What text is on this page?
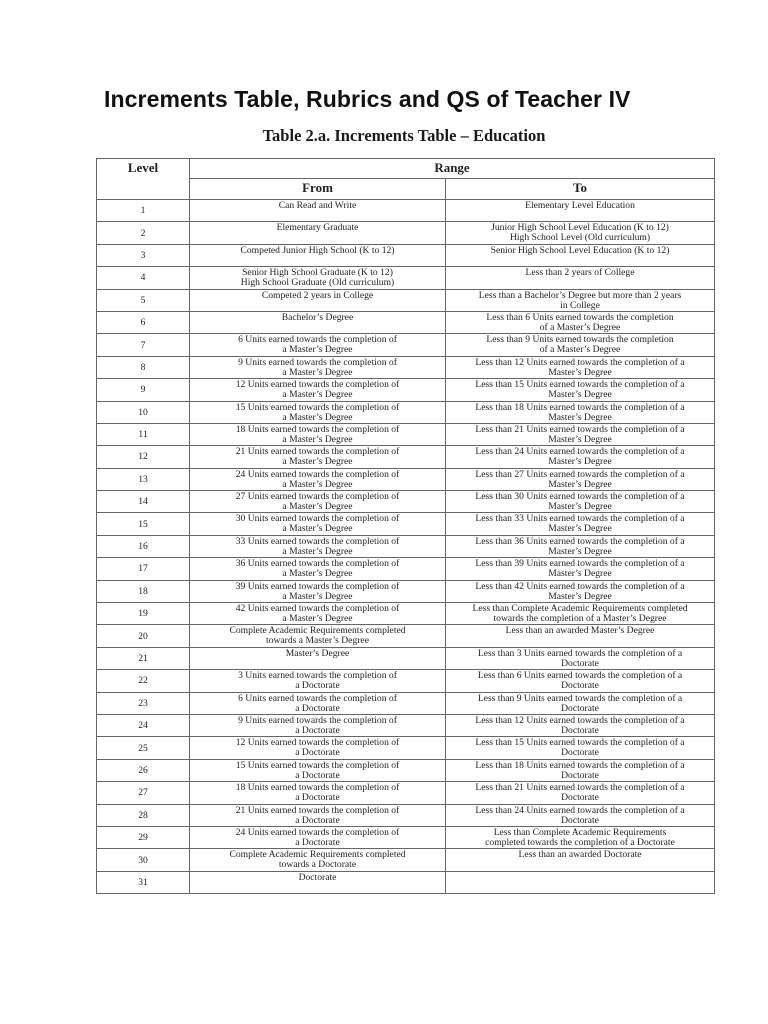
Increments Table, Rubrics and QS of Teacher IV
Table 2.a. Increments Table – Education
Level	Range	
	From	To
1	Can Read and Write	Elementary Level Education
2	Elementary Graduate	Junior High School Level Education (K to 12)
High School Level (Old curriculum)
3	Competed Junior High School (K to 12)	Senior High School Level Education (K to 12)
4	Senior High School Graduate (K to 12)
High School Graduate (Old curriculum)	Less than 2 years of College
5	Competed 2 years in College	Less than a Bachelor’s Degree but more than 2 years
in College
6	Bachelor’s Degree	Less than 6 Units earned towards the completion
of a Master’s Degree
7	6 Units earned towards the completion of
a Master’s Degree	Less than 9 Units earned towards the completion
of a Master’s Degree
8	9 Units earned towards the completion of
a Master’s Degree	Less than 12 Units earned towards the completion of a
Master’s Degree
9	12 Units earned towards the completion of
a Master’s Degree	Less than 15 Units earned towards the completion of a
Master’s Degree
10	15 Units earned towards the completion of
a Master’s Degree	Less than 18 Units earned towards the completion of a
Master’s Degree
11	18 Units earned towards the completion of
a Master’s Degree	Less than 21 Units earned towards the completion of a
Master’s Degree
12	21 Units earned towards the completion of
a Master’s Degree	Less than 24 Units earned towards the completion of a
Master’s Degree
13	24 Units earned towards the completion of
a Master’s Degree	Less than 27 Units earned towards the completion of a
Master’s Degree
14	27 Units earned towards the completion of
a Master’s Degree	Less than 30 Units earned towards the completion of a
Master’s Degree
15	30 Units earned towards the completion of
a Master’s Degree	Less than 33 Units earned towards the completion of a
Master’s Degree
16	33 Units earned towards the completion of
a Master’s Degree	Less than 36 Units earned towards the completion of a
Master’s Degree
17	36 Units earned towards the completion of
a Master’s Degree	Less than 39 Units earned towards the completion of a
Master’s Degree
18	39 Units earned towards the completion of
a Master’s Degree	Less than 42 Units earned towards the completion of a
Master’s Degree
19	42 Units earned towards the completion of
a Master’s Degree	Less than Complete Academic Requirements completed
towards the completion of a Master’s Degree
20	Complete Academic Requirements completed
towards a Master’s Degree	Less than an awarded Master’s Degree
21	Master’s Degree	Less than 3 Units earned towards the completion of a
Doctorate
22	3 Units earned towards the completion of
a Doctorate	Less than 6 Units earned towards the completion of a
Doctorate
23	6 Units earned towards the completion of
a Doctorate	Less than 9 Units earned towards the completion of a
Doctorate
24	9 Units earned towards the completion of
a Doctorate	Less than 12 Units earned towards the completion of a
Doctorate
25	12 Units earned towards the completion of
a Doctorate	Less than 15 Units earned towards the completion of a
Doctorate
26	15 Units earned towards the completion of
a Doctorate	Less than 18 Units earned towards the completion of a
Doctorate
27	18 Units earned towards the completion of
a Doctorate	Less than 21 Units earned towards the completion of a
Doctorate
28	21 Units earned towards the completion of
a Doctorate	Less than 24 Units earned towards the completion of a
Doctorate
29	24 Units earned towards the completion of
a Doctorate	Less than Complete Academic Requirements
completed towards the completion of a Doctorate
30	Complete Academic Requirements completed
towards a Doctorate	Less than an awarded Doctorate
31	Doctorate	
